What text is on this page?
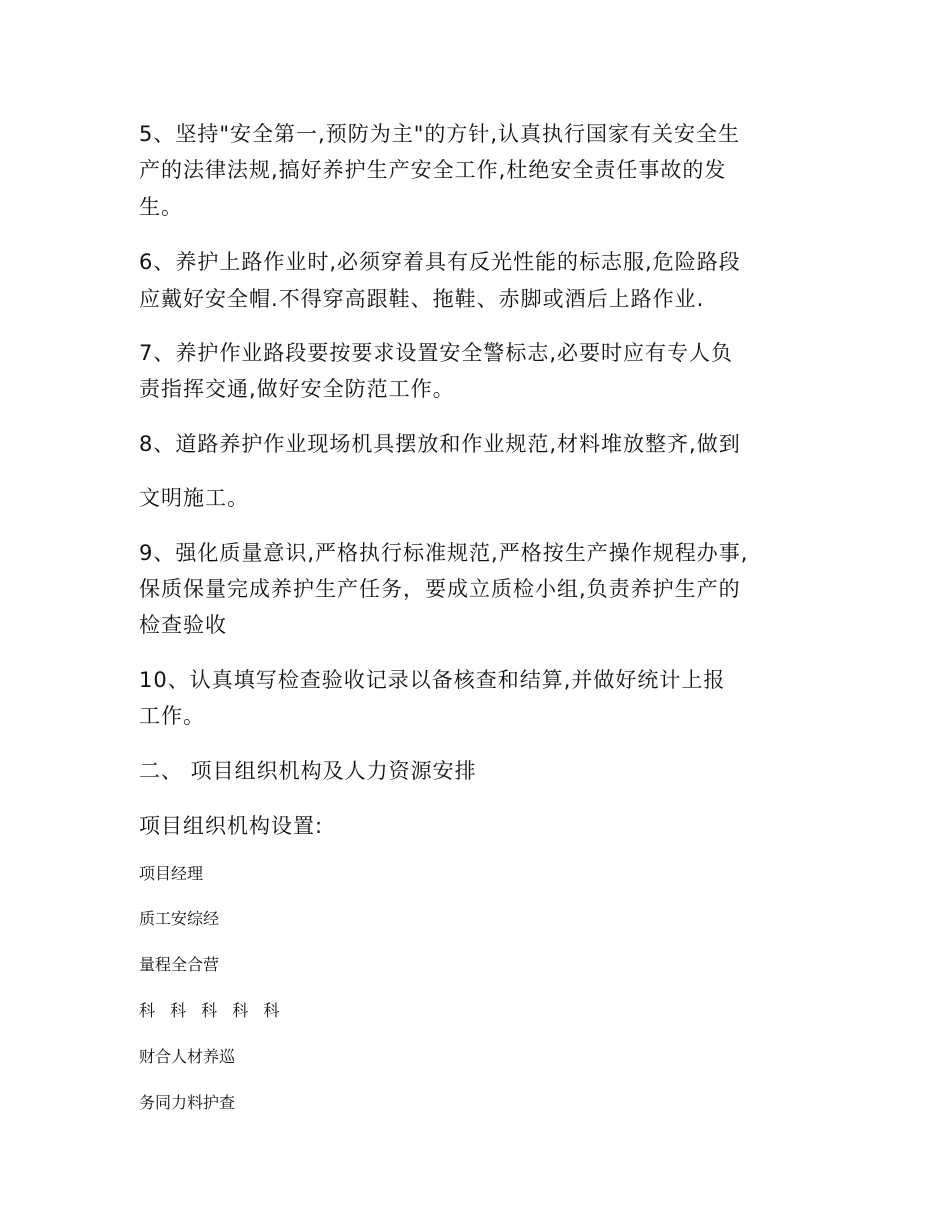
5、坚持"安全第一,预防为主"的方针,认真执行国家有关安全生
产的法律法规,搞好养护生产安全工作,杜绝安全责任事故的发
生。
6、养护上路作业时,必须穿着具有反光性能的标志服,危险路段
应戴好安全帽.不得穿高跟鞋、拖鞋、赤脚或酒后上路作业.
7、养护作业路段要按要求设置安全警标志,必要时应有专人负
责指挥交通,做好安全防范工作。
8、道路养护作业现场机具摆放和作业规范,材料堆放整齐,做到
文明施工。
9、强化质量意识,严格执行标准规范,严格按生产操作规程办事,
保质保量完成养护生产任务，要成立质检小组,负责养护生产的
检查验收
10、认真填写检查验收记录以备核查和结算,并做好统计上报
工作。
二、 项目组织机构及人力资源安排
项目组织机构设置:
项目经理
质工安综经
量程全合营
科 科 科 科 科
财合人材养巡
务同力料护查
